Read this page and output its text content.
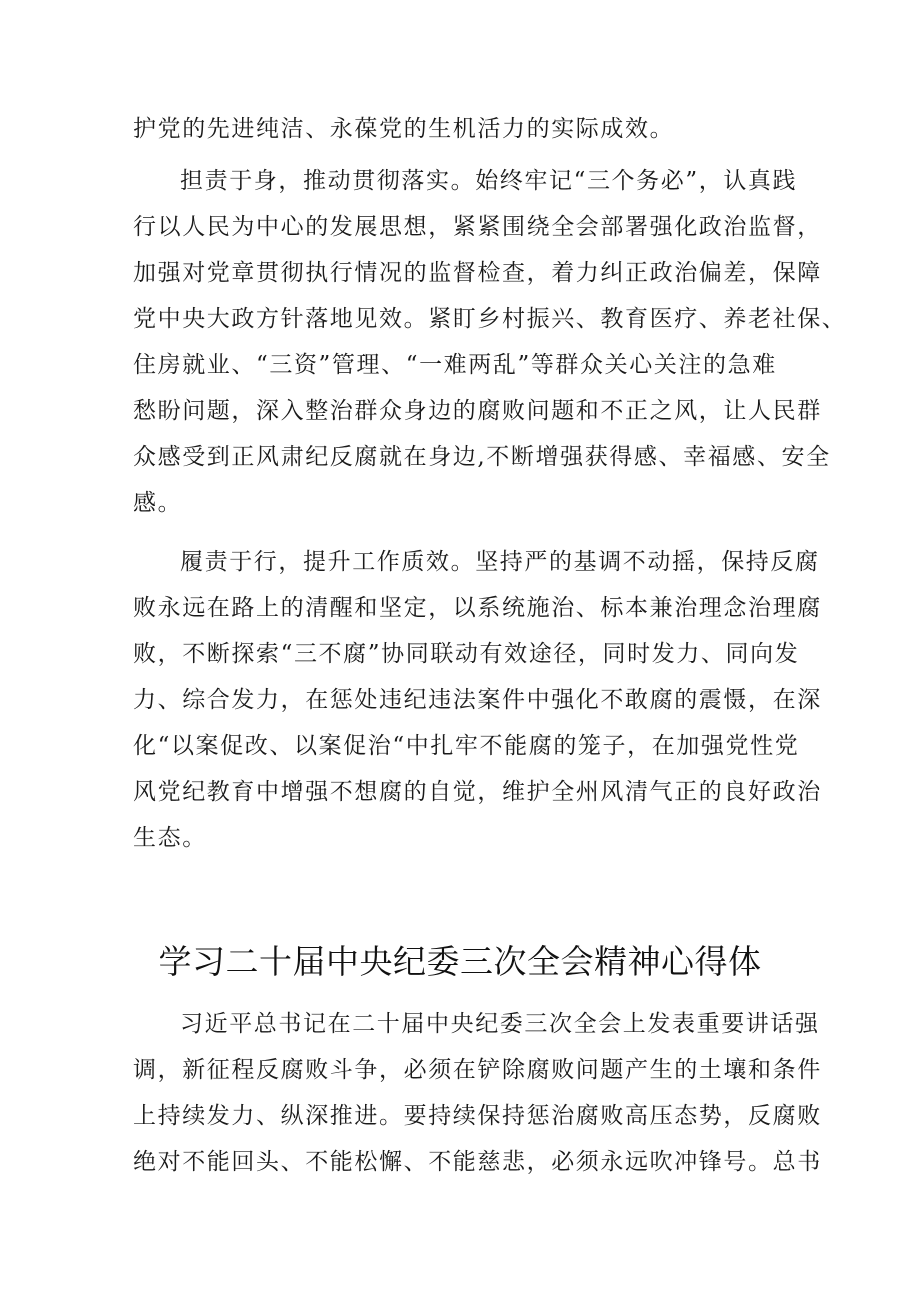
护党的先进纯洁、永葆党的生机活力的实际成效。
担责于身，推动贯彻落实。始终牢记“三个务必”，认真践
行以人民为中心的发展思想，紧紧围绕全会部署强化政治监督，
加强对党章贯彻执行情况的监督检查，着力纠正政治偏差，保障
党中央大政方针落地见效。紧盯乡村振兴、教育医疗、养老社保、
住房就业、“三资”管理、“一难两乱”等群众关心关注的急难
愁盼问题，深入整治群众身边的腐败问题和不正之风，让人民群
众感受到正风肃纪反腐就在身边,不断增强获得感、幸福感、安全
感。
履责于行，提升工作质效。坚持严的基调不动摇，保持反腐
败永远在路上的清醒和坚定，以系统施治、标本兼治理念治理腐
败，不断探索“三不腐”协同联动有效途径，同时发力、同向发
力、综合发力，在惩处违纪违法案件中强化不敢腐的震慑，在深
化“以案促改、以案促治“中扎牢不能腐的笼子，在加强党性党
风党纪教育中增强不想腐的自觉，维护全州风清气正的良好政治
生态。
学习二十届中央纪委三次全会精神心得体
习近平总书记在二十届中央纪委三次全会上发表重要讲话强
调，新征程反腐败斗争，必须在铲除腐败问题产生的土壤和条件
上持续发力、纵深推进。要持续保持惩治腐败高压态势，反腐败
绝对不能回头、不能松懈、不能慈悲，必须永远吹冲锋号。总书
